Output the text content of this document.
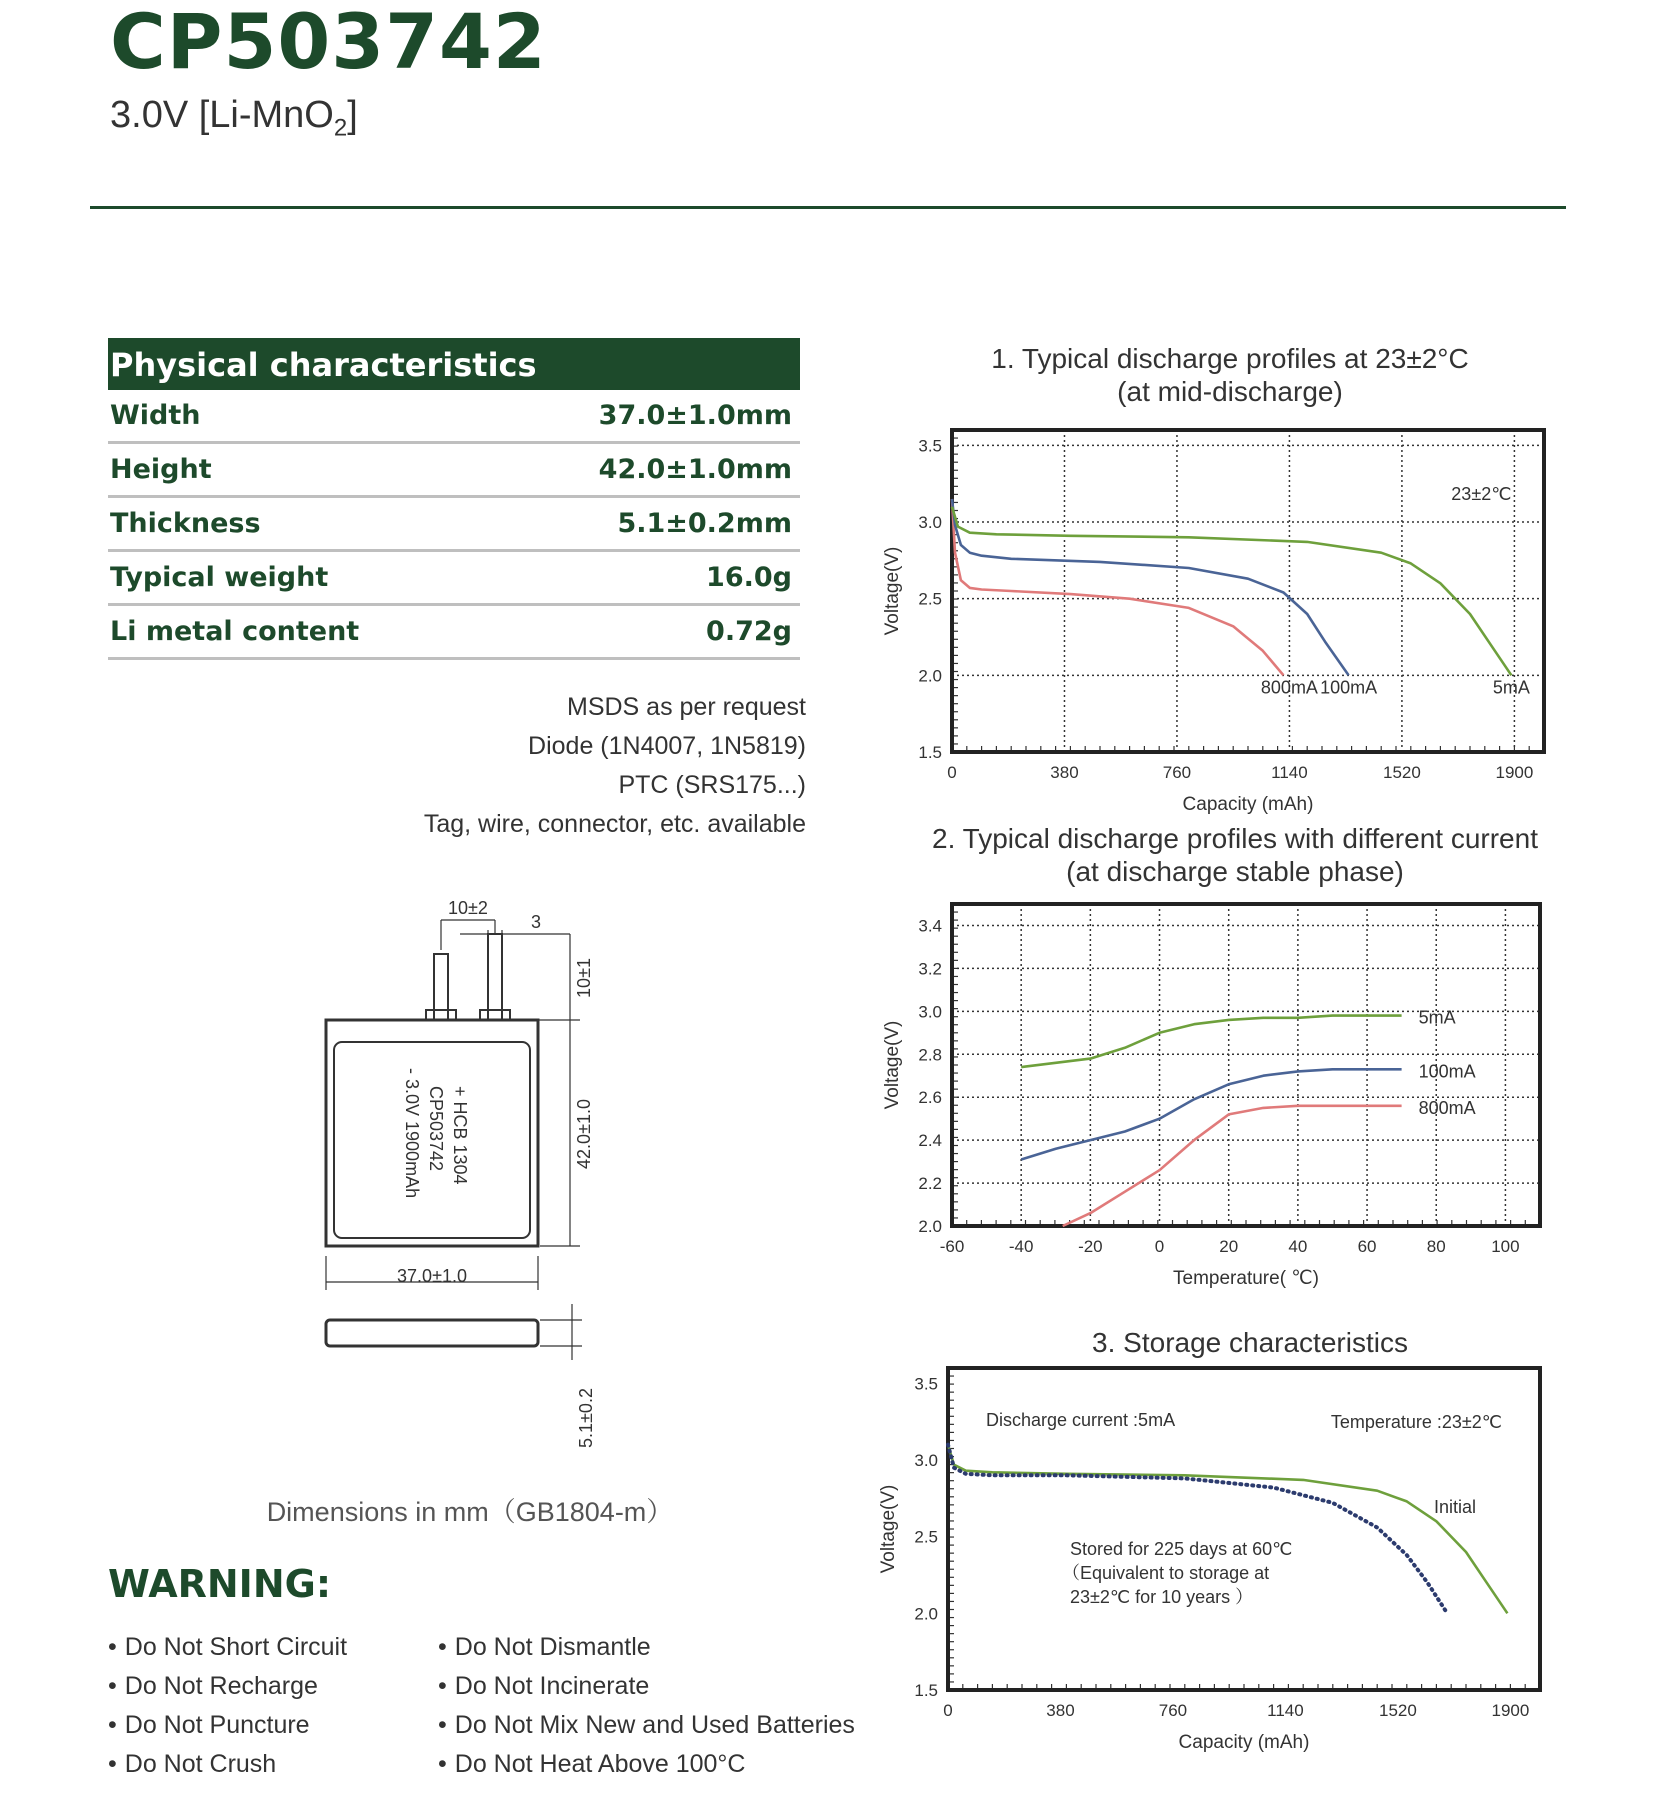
CP503742
3.0V [Li-MnO$_2$]
Physical characteristics
Width	37.0±1.0mm
Height	42.0±1.0mm
Thickness	5.1±0.2mm
Typical weight	16.0g
Li metal content	0.72g
MSDS as per request
Diode (1N4007, 1N5819)
PTC (SRS175...)
Tag, wire, connector, etc. available
10±2
3
10±1
42.0±1.0
37.0±1.0
5.1±0.2
+ HCB 1304
CP503742
- 3.0V 1900mAh
Dimensions in mm（GB1804-m）
WARNING:
• Do Not Short Circuit
• Do Not Recharge
• Do Not Puncture
• Do Not Crush
• Do Not Dismantle
• Do Not Incinerate
• Do Not Mix New and Used Batteries
• Do Not Heat Above 100°C
1. Typical discharge profiles at 23±2°C
(at mid-discharge)
2. Typical discharge profiles with different current
(at discharge stable phase)
3. Storage characteristics
0	380	760	1140	1520	1900
1.5
2.0
2.5
3.0
3.5
Capacity (mAh)
Voltage(V)
800mA 100mA	5mA
23±2℃
-60	-40	-20	0	20	40	60	80	100
2.0
2.2
2.4
2.6
2.8
3.0
3.2
3.4
Temperature( ℃)
Voltage(V)
5mA
100mA
800mA
0	380	760	1140	1520	1900
1.5
2.0
2.5
3.0
3.5
Capacity (mAh)
Voltage(V)
Discharge current :5mA	Temperature :23±2℃
Initial
Stored for 225 days at 60℃
（Equivalent to storage at
23±2℃ for 10 years ）
